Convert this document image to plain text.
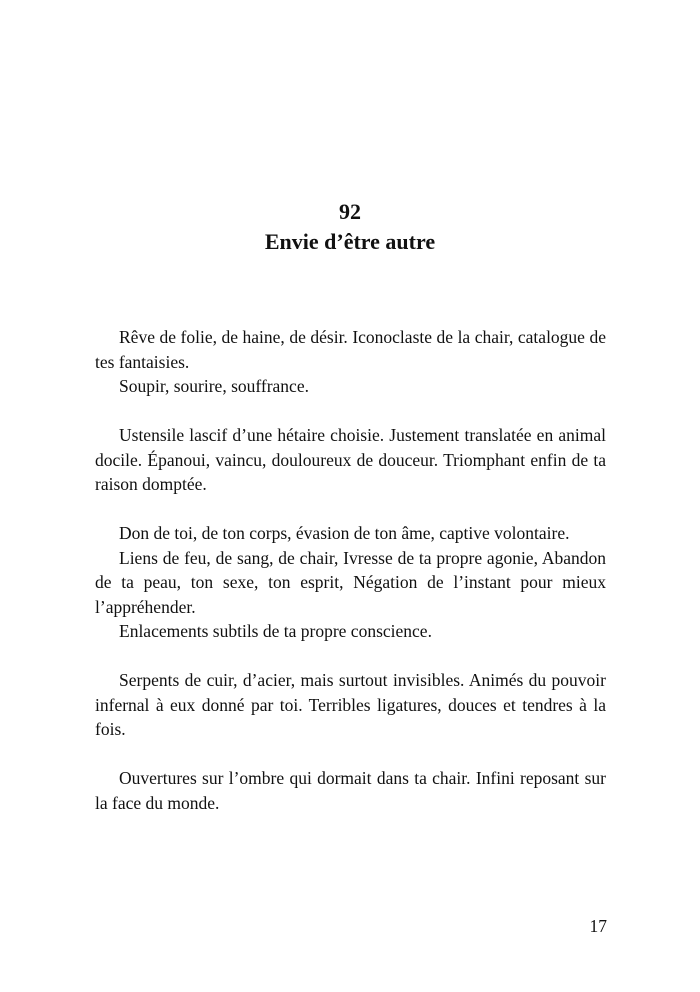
92
Envie d’être autre

Rêve de folie, de haine, de désir. Iconoclaste de la chair, catalogue de tes fantaisies.

Soupir, sourire, souffrance.

Ustensile lascif d’une hétaire choisie. Justement translatée en animal docile. Épanoui, vaincu, douloureux de douceur. Triomphant enfin de ta raison domptée.

Don de toi, de ton corps, évasion de ton âme, captive volontaire.

Liens de feu, de sang, de chair, Ivresse de ta propre agonie, Abandon de ta peau, ton sexe, ton esprit, Négation de l’instant pour mieux l’appréhender.

Enlacements subtils de ta propre conscience.

Serpents de cuir, d’acier, mais surtout invisibles. Animés du pouvoir infernal à eux donné par toi. Terribles ligatures, douces et tendres à la fois.

Ouvertures sur l’ombre qui dormait dans ta chair. Infini reposant sur la face du monde.

17
